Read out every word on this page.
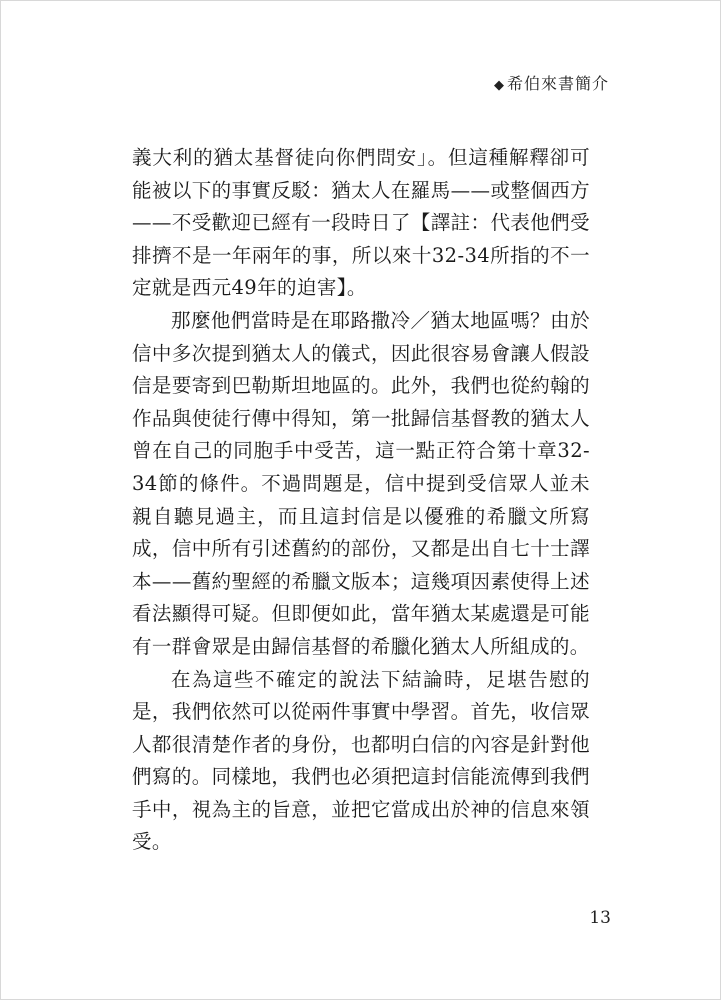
◆ 希伯來書簡介

義大利的猶太基督徒向你們問安」。但這種解釋卻可能被以下的事實反駁：猶太人在羅馬——或整個西方——不受歡迎已經有一段時日了【譯註：代表他們受排擠不是一年兩年的事，所以來十32-34所指的不一定就是西元49年的迫害】。

那麼他們當時是在耶路撒冷／猶太地區嗎？由於信中多次提到猶太人的儀式，因此很容易會讓人假設信是要寄到巴勒斯坦地區的。此外，我們也從約翰的作品與使徒行傳中得知，第一批歸信基督教的猶太人曾在自己的同胞手中受苦，這一點正符合第十章32-34節的條件。不過問題是，信中提到受信眾人並未親自聽見過主，而且這封信是以優雅的希臘文所寫成，信中所有引述舊約的部份，又都是出自七十士譯本——舊約聖經的希臘文版本；這幾項因素使得上述看法顯得可疑。但即便如此，當年猶太某處還是可能有一群會眾是由歸信基督的希臘化猶太人所組成的。

在為這些不確定的說法下結論時，足堪告慰的是，我們依然可以從兩件事實中學習。首先，收信眾人都很清楚作者的身份，也都明白信的內容是針對他們寫的。同樣地，我們也必須把這封信能流傳到我們手中，視為主的旨意，並把它當成出於神的信息來領受。

13
